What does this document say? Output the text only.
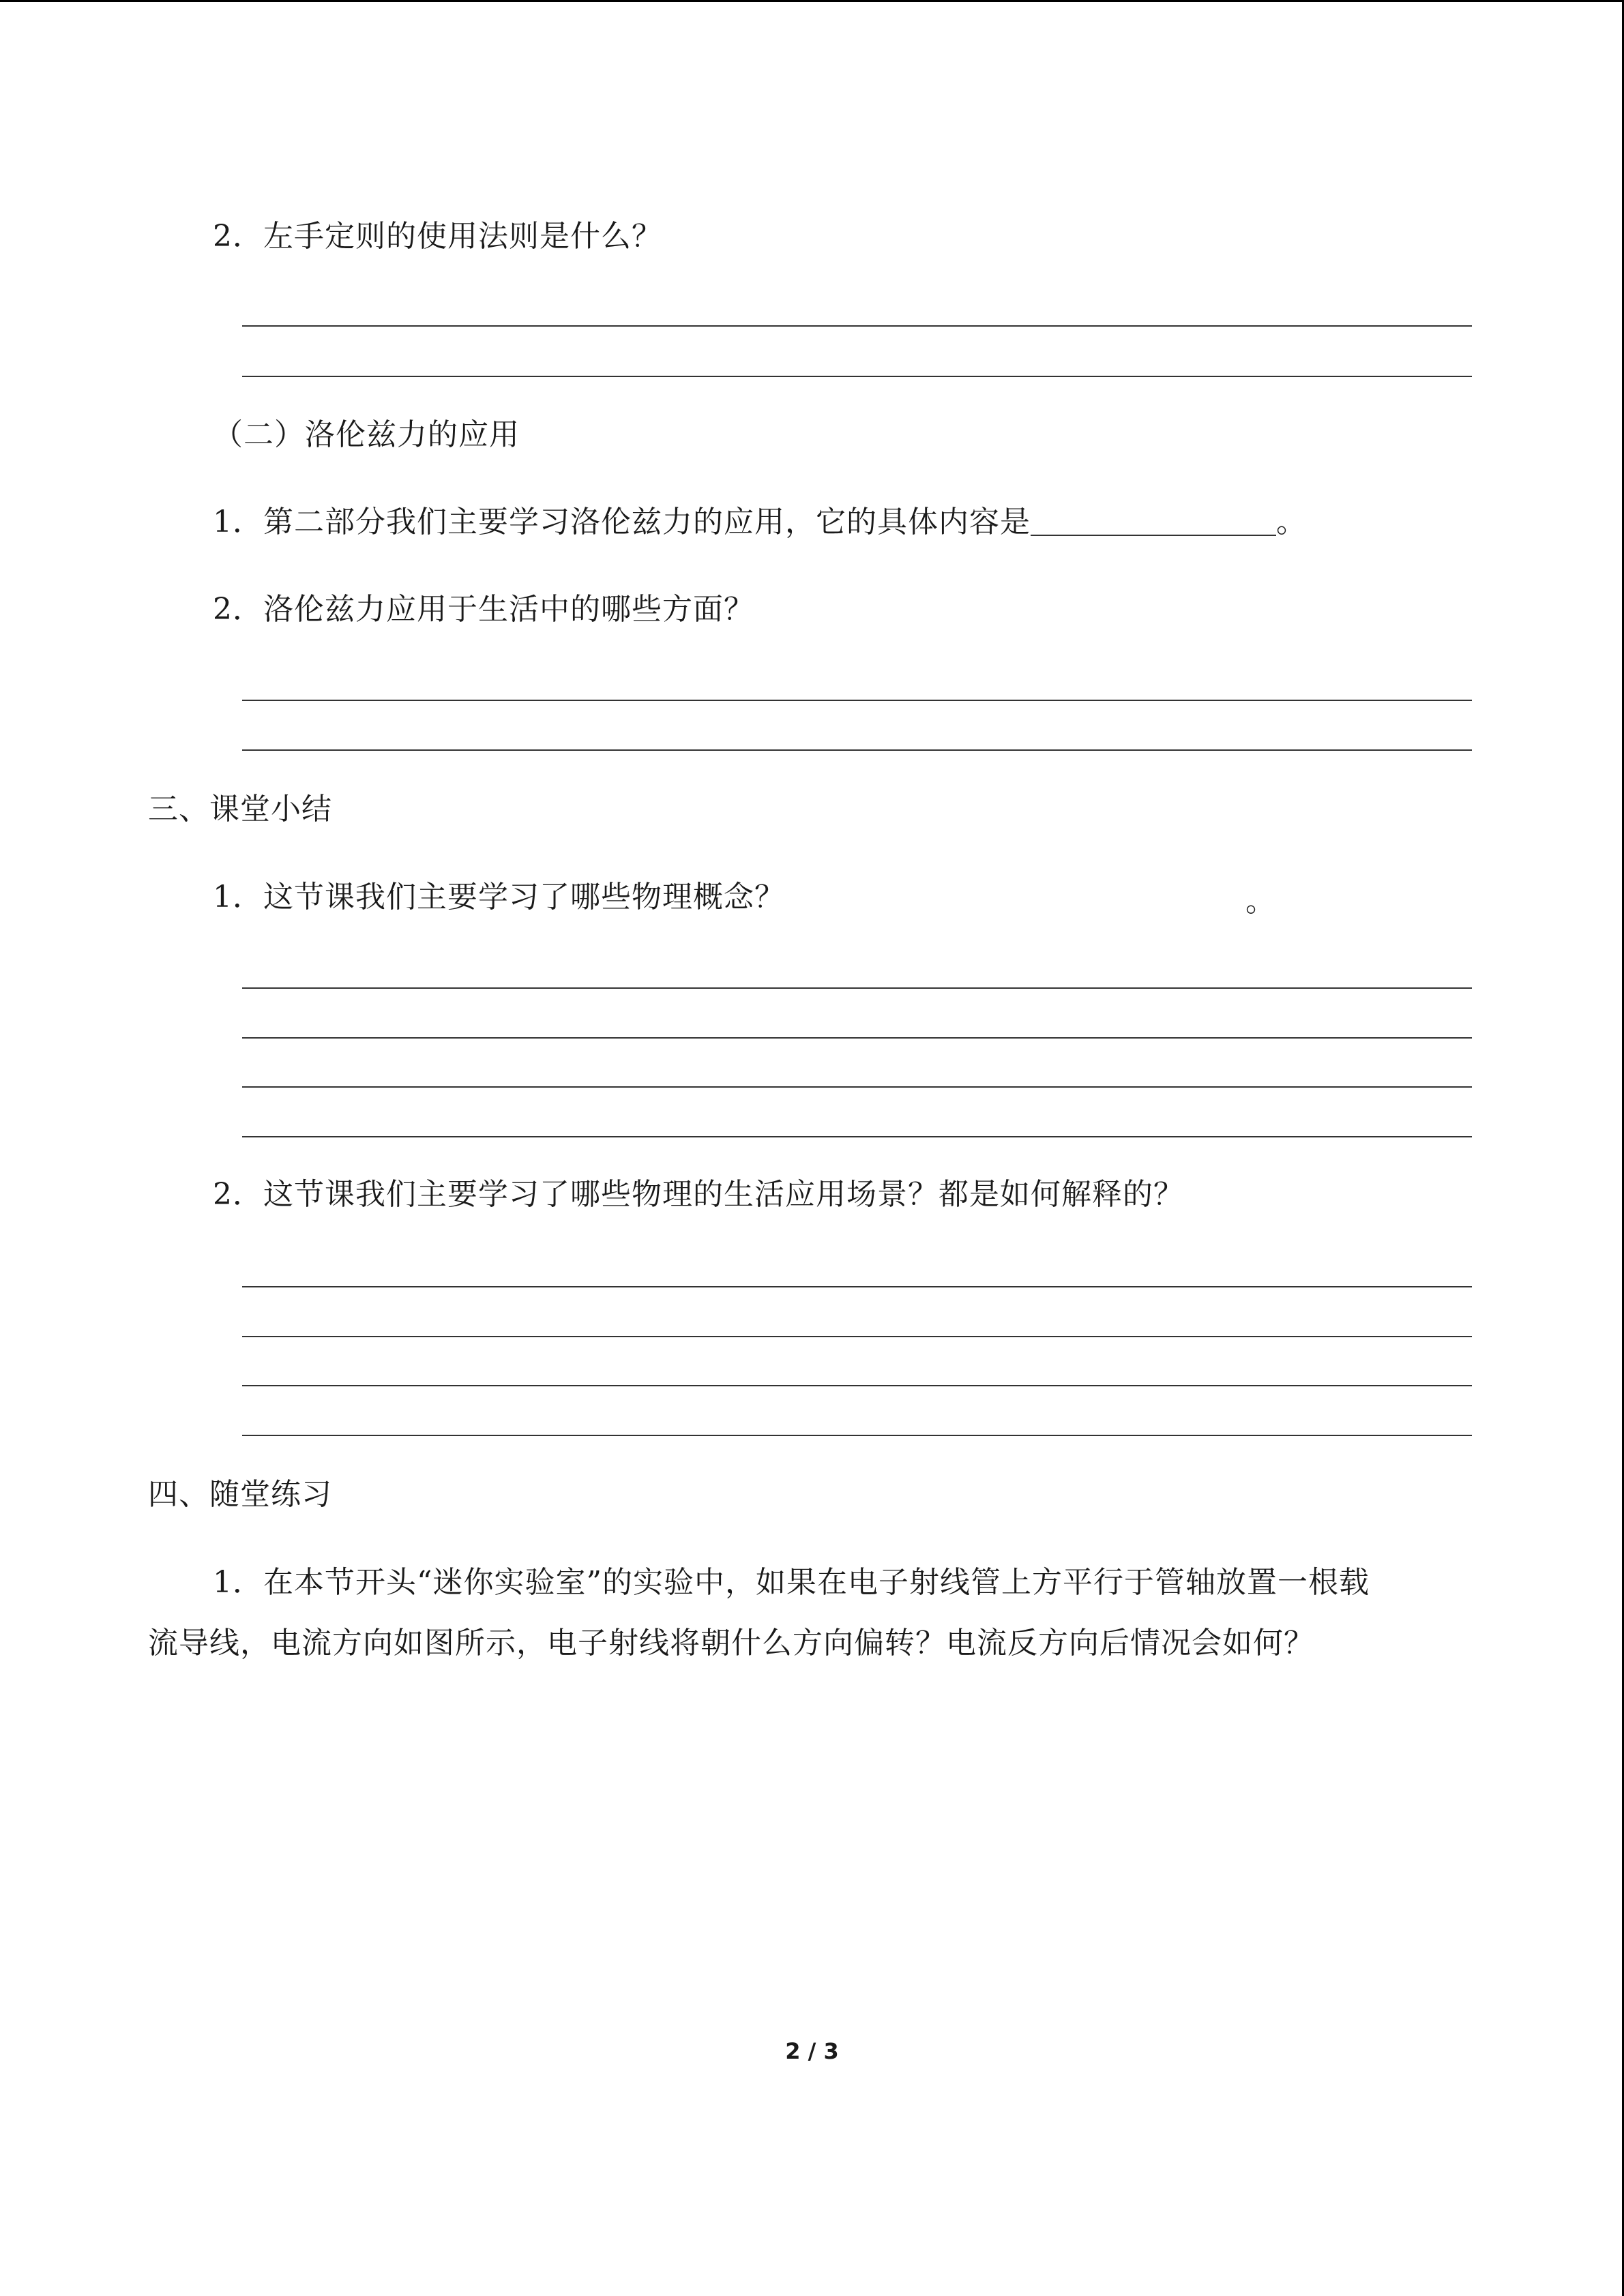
2．左手定则的使用法则是什么？
（二）洛伦兹力的应用
1．第二部分我们主要学习洛伦兹力的应用，它的具体内容是	。
2．洛伦兹力应用于生活中的哪些方面？
三、课堂小结
1．这节课我们主要学习了哪些物理概念？	。
2．这节课我们主要学习了哪些物理的生活应用场景？都是如何解释的？
四、随堂练习
1．在本节开头“迷你实验室”的实验中，如果在电子射线管上方平行于管轴放置一根载
流导线，电流方向如图所示，电子射线将朝什么方向偏转？电流反方向后情况会如何？
2 / 3
